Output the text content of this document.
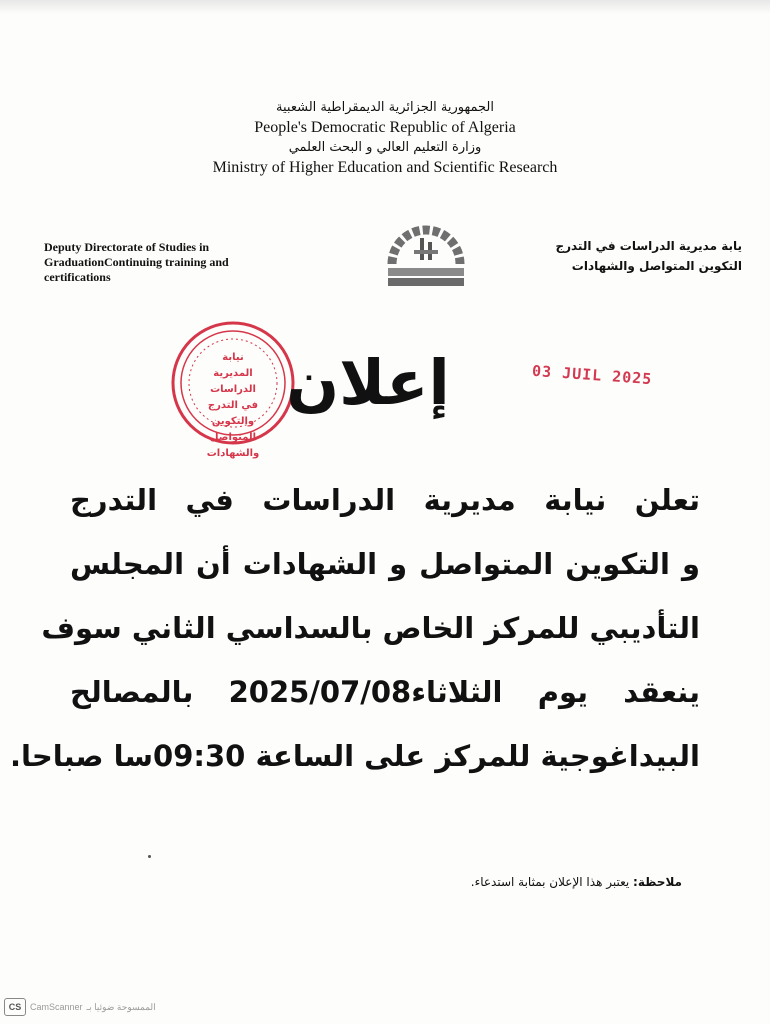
الجمهورية الجزائرية الديمقراطية الشعبية
People's Democratic Republic of Algeria
وزارة التعليم العالي و البحث العلمي
Ministry of Higher Education and Scientific Research
Deputy Directorate of Studies in
GraduationContinuing training and
certifications
يابة مديرية الدراسات في التدرج
التكوين المتواصل والشهادات
نيابة
المديرية الدراسات
في التدرج والتكوين
المتواصل والشهادات
إعلان	03 JUIL 2025
تعلن نيابة مديرية الدراسات في التدرج
و التكوين المتواصل و الشهادات أن المجلس
التأديبي للمركز الخاص بالسداسي الثاني سوف
ينعقد يوم الثلاثاء2025/07/08 بالمصالح
البيداغوجية للمركز على الساعة 09:30سا صباحا.
ملاحظة: يعتبر هذا الإعلان بمثابة استدعاء.
CS CamScanner الممسوحة ضوئيا بـ
